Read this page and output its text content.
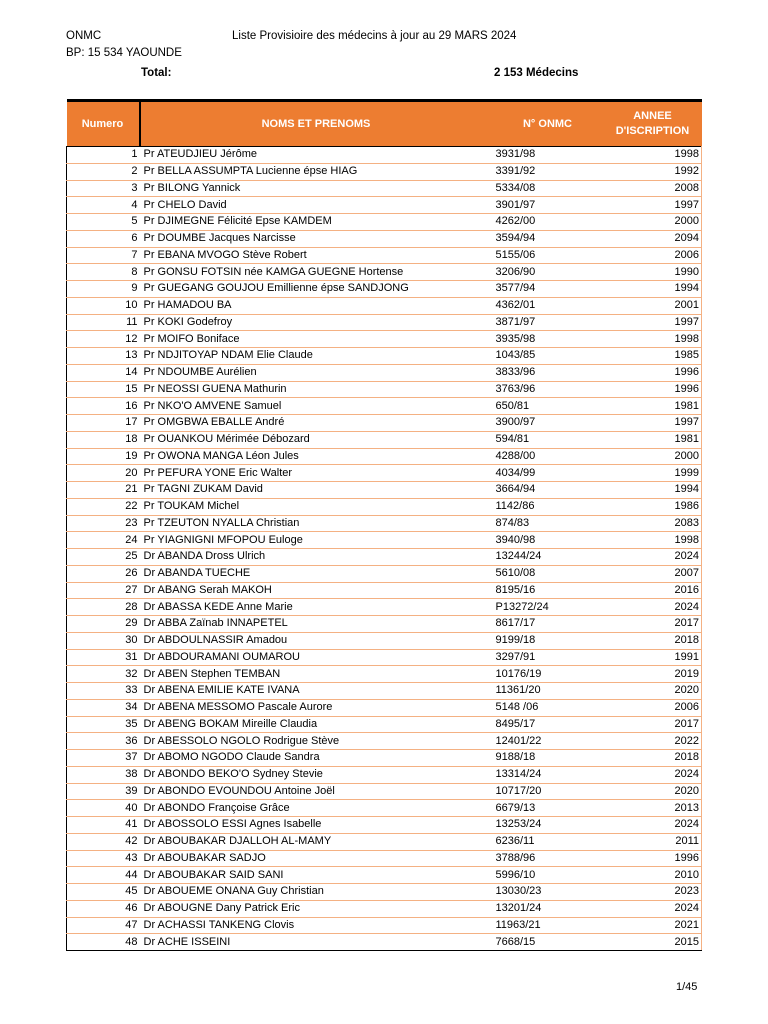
ONMC
BP: 15 534 YAOUNDE
Liste Provisioire des médecins à jour au 29 MARS 2024
Total:	2 153 Médecins
Numero	NOMS ET PRENOMS	N° ONMC	ANNEE
D'ISCRIPTION
1	Pr ATEUDJIEU Jérôme	3931/98	1998
2	Pr BELLA ASSUMPTA Lucienne épse HIAG	3391/92	1992
3	Pr BILONG Yannick	5334/08	2008
4	Pr CHELO David	3901/97	1997
5	Pr DJIMEGNE Félicité Epse KAMDEM	4262/00	2000
6	Pr DOUMBE Jacques Narcisse	3594/94	2094
7	Pr EBANA MVOGO Stève Robert	5155/06	2006
8	Pr GONSU FOTSIN née KAMGA GUEGNE Hortense	3206/90	1990
9	Pr GUEGANG GOUJOU Emillienne épse SANDJONG	3577/94	1994
10	Pr HAMADOU BA	4362/01	2001
11	Pr KOKI Godefroy	3871/97	1997
12	Pr MOIFO Boniface	3935/98	1998
13	Pr NDJITOYAP NDAM Elie Claude	1043/85	1985
14	Pr NDOUMBE Aurélien	3833/96	1996
15	Pr NEOSSI GUENA Mathurin	3763/96	1996
16	Pr NKO'O AMVENE Samuel	650/81	1981
17	Pr OMGBWA EBALLE André	3900/97	1997
18	Pr OUANKOU Mérimée Débozard	594/81	1981
19	Pr OWONA MANGA Léon Jules	4288/00	2000
20	Pr PEFURA YONE Eric Walter	4034/99	1999
21	Pr TAGNI ZUKAM David	3664/94	1994
22	Pr TOUKAM Michel	1142/86	1986
23	Pr TZEUTON NYALLA Christian	874/83	2083
24	Pr YIAGNIGNI MFOPOU Euloge	3940/98	1998
25	Dr ABANDA Dross Ulrich	13244/24	2024
26	Dr ABANDA TUECHE	5610/08	2007
27	Dr ABANG Serah MAKOH	8195/16	2016
28	Dr ABASSA KEDE Anne Marie	P13272/24	2024
29	Dr ABBA Zaïnab INNAPETEL	8617/17	2017
30	Dr ABDOULNASSIR Amadou	9199/18	2018
31	Dr ABDOURAMANI OUMAROU	3297/91	1991
32	Dr ABEN Stephen TEMBAN	10176/19	2019
33	Dr ABENA EMILIE KATE IVANA	11361/20	2020
34	Dr ABENA MESSOMO Pascale Aurore	5148 /06	2006
35	Dr ABENG BOKAM Mireille Claudia	8495/17	2017
36	Dr ABESSOLO NGOLO Rodrigue Stève	12401/22	2022
37	Dr ABOMO NGODO Claude Sandra	9188/18	2018
38	Dr ABONDO BEKO'O Sydney Stevie	13314/24	2024
39	Dr ABONDO EVOUNDOU Antoine Joël	10717/20	2020
40	Dr ABONDO Françoise Grâce	6679/13	2013
41	Dr ABOSSOLO ESSI Agnes Isabelle	13253/24	2024
42	Dr ABOUBAKAR DJALLOH AL-MAMY	6236/11	2011
43	Dr ABOUBAKAR SADJO	3788/96	1996
44	Dr ABOUBAKAR SAID SANI	5996/10	2010
45	Dr ABOUEME ONANA Guy Christian	13030/23	2023
46	Dr ABOUGNE Dany Patrick Eric	13201/24	2024
47	Dr ACHASSI TANKENG Clovis	11963/21	2021
48	Dr ACHE ISSEINI	7668/15	2015
1/45
